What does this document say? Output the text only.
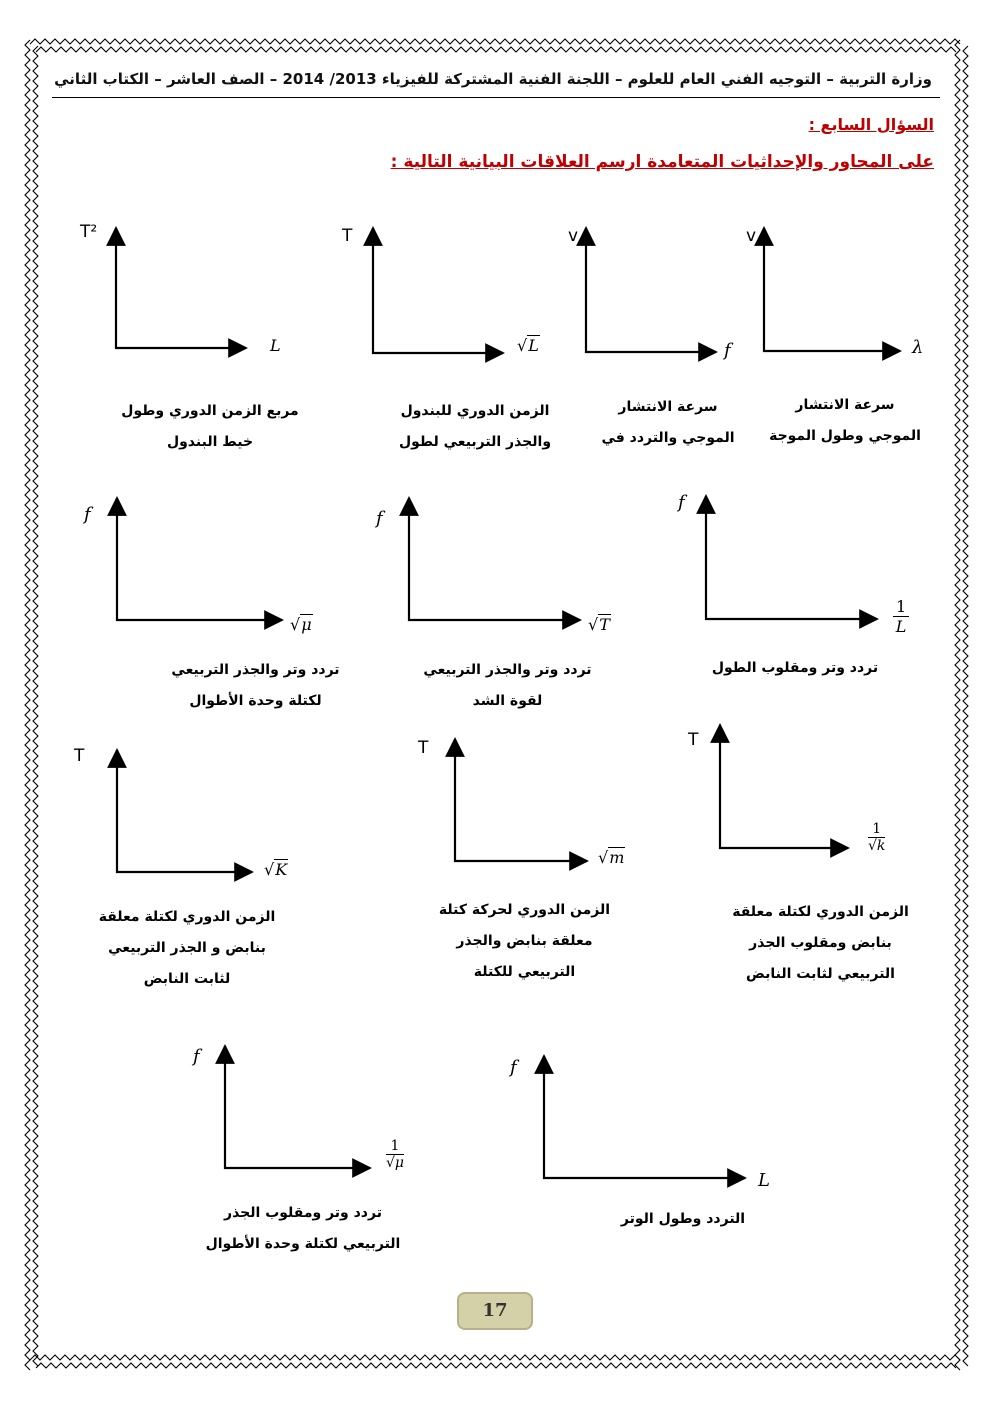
وزارة التربية – التوجيه الفني العام للعلوم – اللجنة الفنية المشتركة للفيزياء 2013/ 2014 – الصف العاشر – الكتاب الثاني
السؤال السابع :
على المحاور والإحداثيات المتعامدة ارسم العلاقات البيانية التالية :
T²
L
مربع الزمن الدوري وطول
خيط البندول
T
√L
الزمن الدوري للبندول
والجذر التربيعي لطول
v
f
سرعة الانتشار
الموجي والتردد في
v
λ
سرعة الانتشار
الموجي وطول الموجة
f
√μ
تردد وتر والجذر التربيعي
لكتلة وحدة الأطوال
f
√T
تردد وتر والجذر التربيعي
لقوة الشد
f
$\frac{1}{L}$
تردد وتر ومقلوب الطول
T
√K
الزمن الدوري لكتلة معلقة
بنابض و الجذر التربيعي
لثابت النابض
T
√m
الزمن الدوري لحركة كتلة
معلقة بنابض والجذر
التربيعي للكتلة
T
$\frac{1}{√k}$
الزمن الدوري لكتلة معلقة
بنابض ومقلوب الجذر
التربيعي لثابت النابض
f
$\frac{1}{√\mu}$
تردد وتر ومقلوب الجذر
التربيعي لكتلة وحدة الأطوال
f
L
التردد وطول الوتر
17
